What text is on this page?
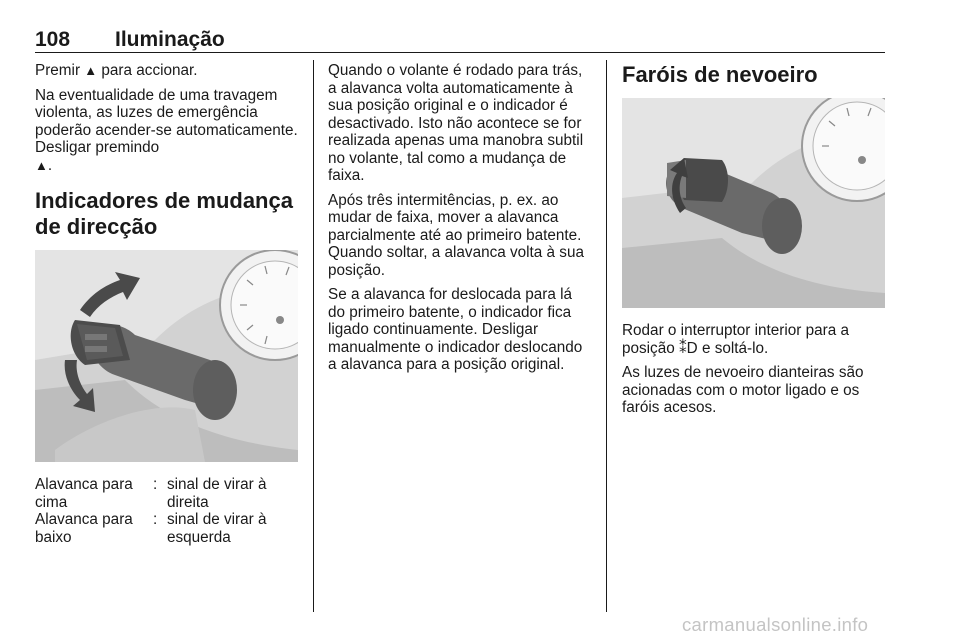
108 Iluminação

Premir ▲ para accionar.

Na eventualidade de uma travagem violenta, as luzes de emergência poderão acender-se automaticamente. Desligar premindo
▲.

Indicadores de mudança de direcção
Alavanca para cima	:	sinal de virar à direita
Alavanca para baixo	:	sinal de virar à esquerda

Quando o volante é rodado para trás, a alavanca volta automaticamente à sua posição original e o indicador é desactivado. Isto não acontece se for realizada apenas uma manobra subtil no volante, tal como a mudança de faixa.

Após três intermitências, p. ex. ao mudar de faixa, mover a alavanca parcialmente até ao primeiro batente. Quando soltar, a alavanca volta à sua posição.

Se a alavanca for deslocada para lá do primeiro batente, o indicador fica ligado continuamente. Desligar manualmente o indicador deslocando a alavanca para a posição original.

Faróis de nevoeiro

Rodar o interruptor interior para a posição ⁑D e soltá-lo.

As luzes de nevoeiro dianteiras são acionadas com o motor ligado e os faróis acesos.

carmanualsonline.info
